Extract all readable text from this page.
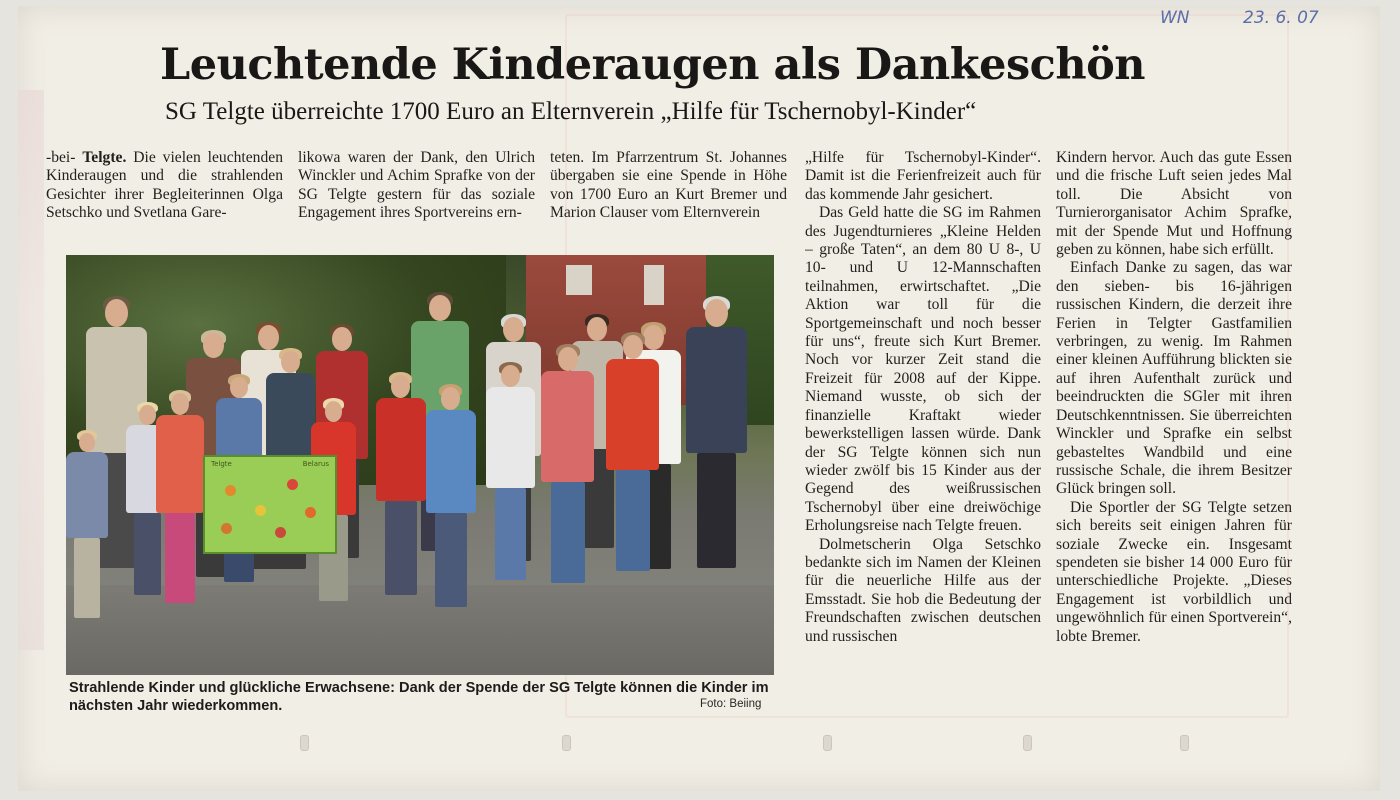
WN	23. 6. 07
Leuchtende Kinderaugen als Dankeschön
SG Telgte überreichte 1700 Euro an Elternverein „Hilfe für Tschernobyl-Kinder“

-bei- Telgte. Die vielen leuchtenden Kinderaugen und die strahlenden Gesichter ihrer Begleiterinnen Olga Setschko und Svetlana Gare-

likowa waren der Dank, den Ulrich Winckler und Achim Sprafke von der SG Telgte gestern für das soziale Engagement ihres Sportvereins ern-

teten. Im Pfarrzentrum St. Johannes übergaben sie eine Spende in Höhe von 1700 Euro an Kurt Bremer und Marion Clauser vom Elternverein

„Hilfe für Tschernobyl-Kinder“. Damit ist die Ferienfreizeit auch für das kommende Jahr gesichert.

Das Geld hatte die SG im Rahmen des Jugendturnieres „Kleine Helden – große Taten“, an dem 80 U 8-, U 10- und U 12-Mannschaften teilnahmen, erwirtschaftet. „Die Aktion war toll für die Sportgemeinschaft und noch besser für uns“, freute sich Kurt Bremer. Noch vor kurzer Zeit stand die Freizeit für 2008 auf der Kippe. Niemand wusste, ob sich der finanzielle Kraftakt wieder bewerkstelligen lassen würde. Dank der SG Telgte können sich nun wieder zwölf bis 15 Kinder aus der Gegend des weißrussischen Tschernobyl über eine dreiwöchige Erholungsreise nach Telgte freuen.

Dolmetscherin Olga Setschko bedankte sich im Namen der Kleinen für die neuerliche Hilfe aus der Emsstadt. Sie hob die Bedeutung der Freundschaften zwischen deutschen und russischen

Kindern hervor. Auch das gute Essen und die frische Luft seien jedes Mal toll. Die Absicht von Turnierorganisator Achim Sprafke, mit der Spende Mut und Hoffnung geben zu können, habe sich erfüllt.

Einfach Danke zu sagen, das war den sieben- bis 16-jährigen russischen Kindern, die derzeit ihre Ferien in Telgter Gastfamilien verbringen, zu wenig. Im Rahmen einer kleinen Aufführung blickten sie auf ihren Aufenthalt zurück und beeindruckten die SGler mit ihren Deutschkenntnissen. Sie überreichten Winckler und Sprafke ein selbst gebasteltes Wandbild und eine russische Schale, die ihrem Besitzer Glück bringen soll.

Die Sportler der SG Telgte setzen sich bereits seit einigen Jahren für soziale Zwecke ein. Insgesamt spendeten sie bisher 14 000 Euro für unterschiedliche Projekte. „Dieses Engagement ist vorbildlich und ungewöhnlich für einen Sportverein“, lobte Bremer.

Telgte	Belarus
Strahlende Kinder und glückliche Erwachsene: Dank der Spende der SG Telgte können die Kinder im nächsten Jahr wiederkommen.	Foto: Beiing
